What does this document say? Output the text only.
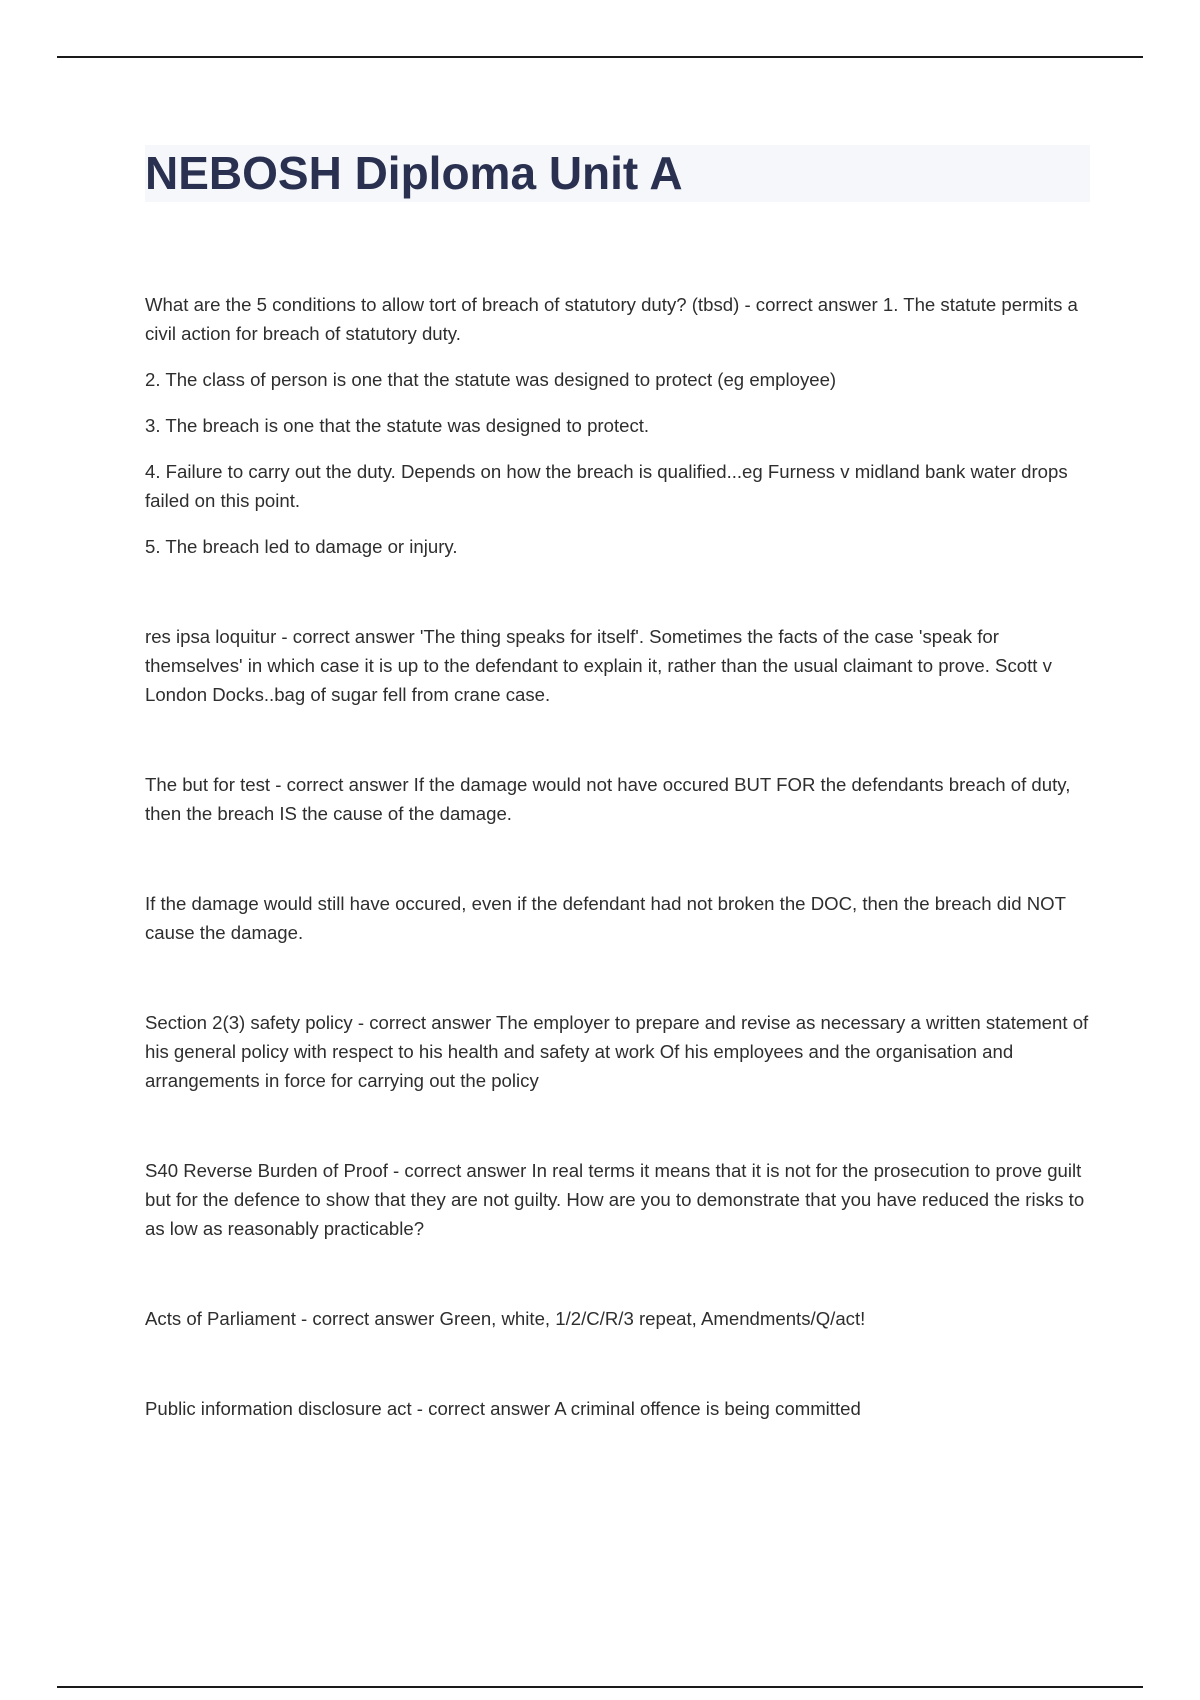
NEBOSH Diploma Unit A

What are the 5 conditions to allow tort of breach of statutory duty? (tbsd) - correct answer 1. The statute permits a civil action for breach of statutory duty.

2. The class of person is one that the statute was designed to protect (eg employee)

3. The breach is one that the statute was designed to protect.

4. Failure to carry out the duty. Depends on how the breach is qualified...eg Furness v midland bank water drops failed on this point.

5. The breach led to damage or injury.

res ipsa loquitur - correct answer 'The thing speaks for itself'. Sometimes the facts of the case 'speak for themselves' in which case it is up to the defendant to explain it, rather than the usual claimant to prove. Scott v London Docks..bag of sugar fell from crane case.

The but for test - correct answer If the damage would not have occured BUT FOR the defendants breach of duty, then the breach IS the cause of the damage.

If the damage would still have occured, even if the defendant had not broken the DOC, then the breach did NOT cause the damage.

Section 2(3) safety policy - correct answer The employer to prepare and revise as necessary a written statement of his general policy with respect to his health and safety at work Of his employees and the organisation and arrangements in force for carrying out the policy

S40 Reverse Burden of Proof - correct answer In real terms it means that it is not for the prosecution to prove guilt but for the defence to show that they are not guilty. How are you to demonstrate that you have reduced the risks to as low as reasonably practicable?

Acts of Parliament - correct answer Green, white, 1/2/C/R/3 repeat, Amendments/Q/act!

Public information disclosure act - correct answer A criminal offence is being committed
